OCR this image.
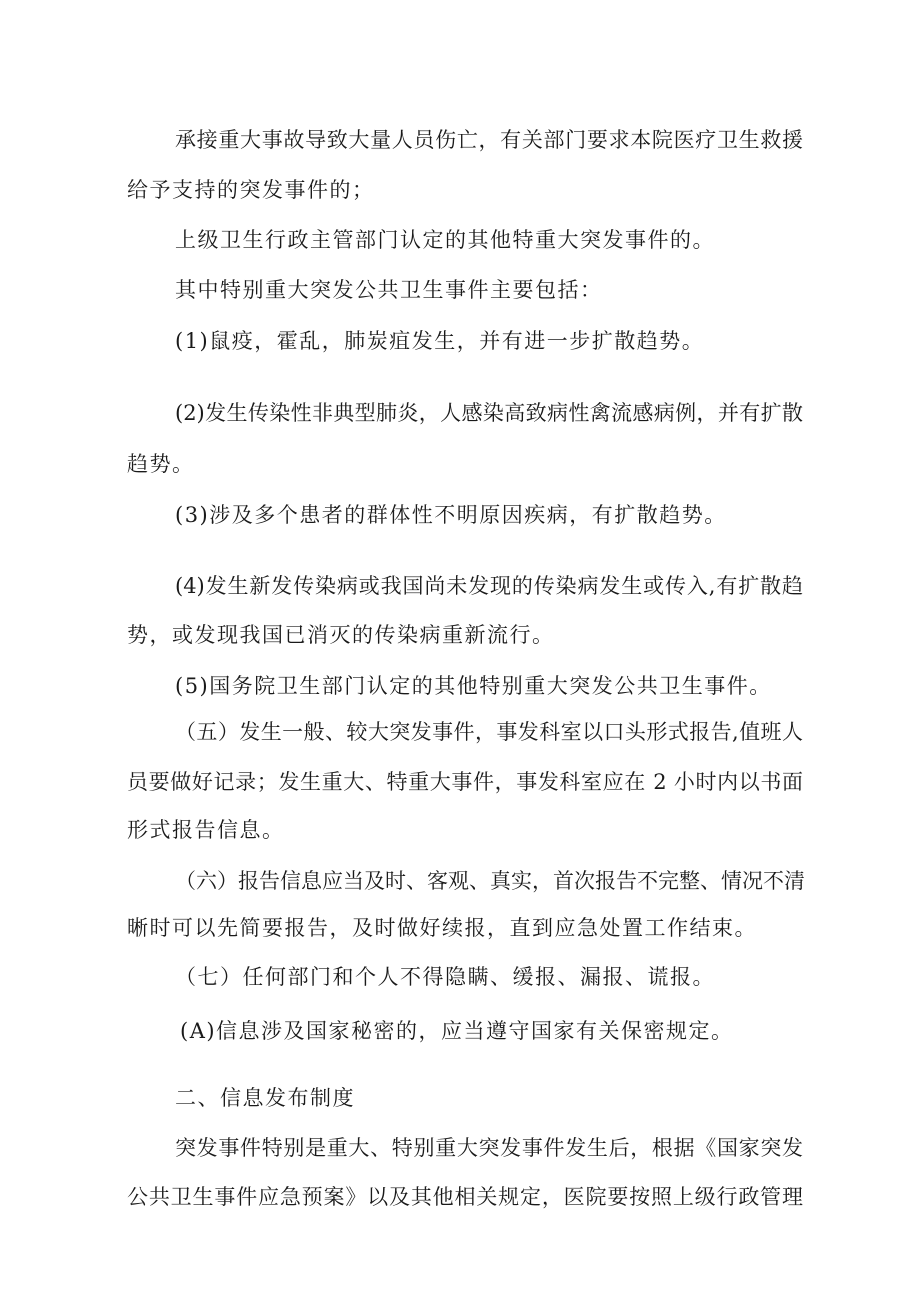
承接重大事故导致大量人员伤亡，有关部门要求本院医疗卫生救援
给予支持的突发事件的；
上级卫生行政主管部门认定的其他特重大突发事件的。
其中特别重大突发公共卫生事件主要包括：
(1)鼠疫，霍乱，肺炭疽发生，并有进一步扩散趋势。
(2)发生传染性非典型肺炎，人感染高致病性禽流感病例，并有扩散
趋势。
(3)涉及多个患者的群体性不明原因疾病，有扩散趋势。
(4)发生新发传染病或我国尚未发现的传染病发生或传入,有扩散趋
势，或发现我国已消灭的传染病重新流行。
(5)国务院卫生部门认定的其他特别重大突发公共卫生事件。
（五）发生一般、较大突发事件，事发科室以口头形式报告,值班人
员要做好记录；发生重大、特重大事件，事发科室应在 2 小时内以书面
形式报告信息。
（六）报告信息应当及时、客观、真实，首次报告不完整、情况不清
晰时可以先简要报告，及时做好续报，直到应急处置工作结束。
（七）任何部门和个人不得隐瞒、缓报、漏报、谎报。
(A)信息涉及国家秘密的，应当遵守国家有关保密规定。
二、信息发布制度
突发事件特别是重大、特别重大突发事件发生后，根据《国家突发
公共卫生事件应急预案》以及其他相关规定，医院要按照上级行政管理
